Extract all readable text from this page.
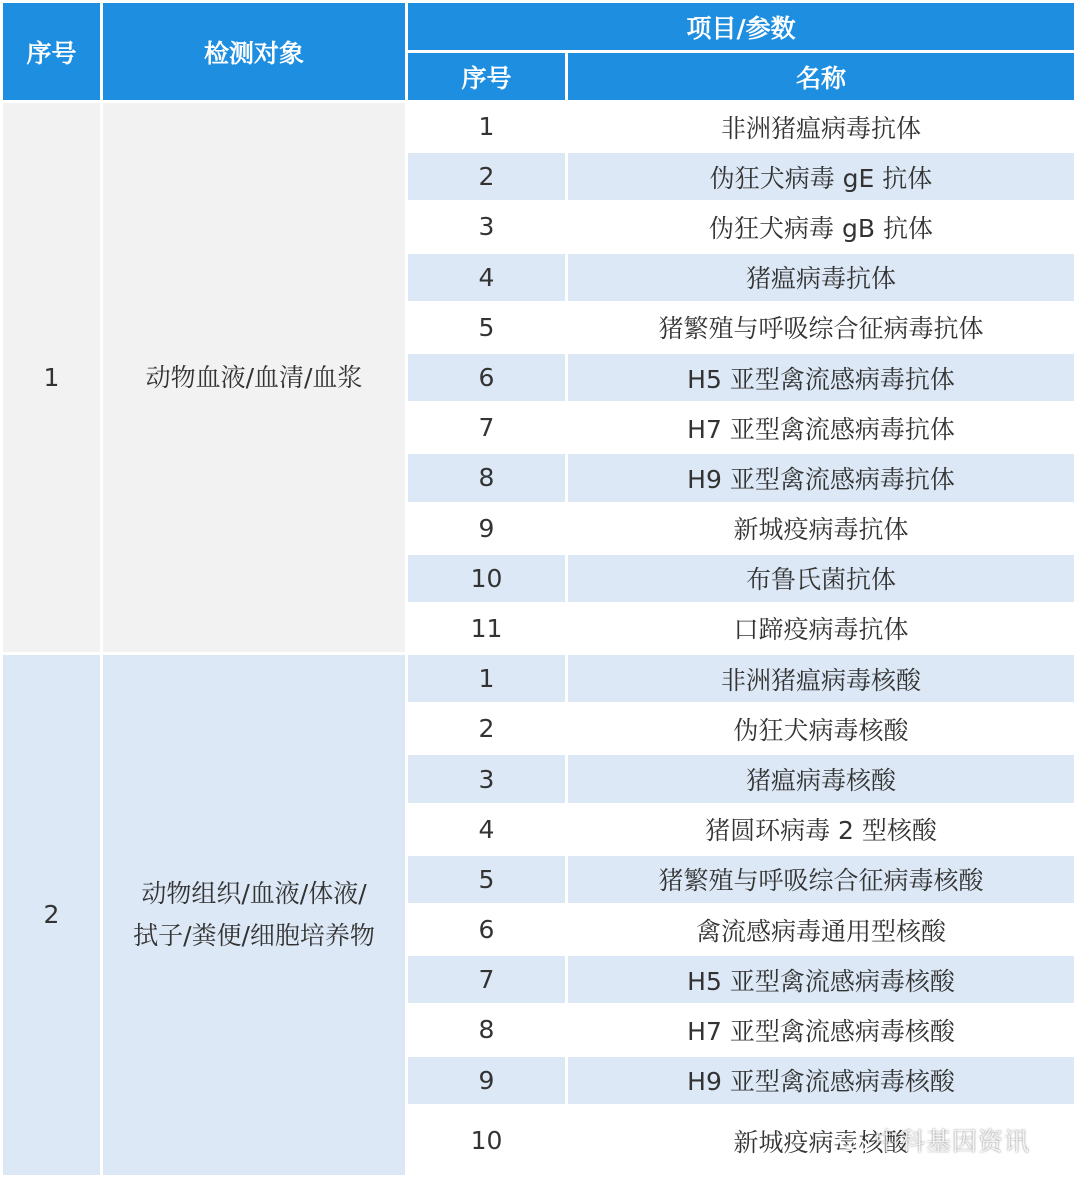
序号	检测对象	项目/参数	
		序号	名称
1	动物血液/血清/血浆	1	非洲猪瘟病毒抗体
		2	伪狂犬病毒 gE 抗体
		3	伪狂犬病毒 gB 抗体
		4	猪瘟病毒抗体
		5	猪繁殖与呼吸综合征病毒抗体
		6	H5 亚型禽流感病毒抗体
		7	H7 亚型禽流感病毒抗体
		8	H9 亚型禽流感病毒抗体
		9	新城疫病毒抗体
		10	布鲁氏菌抗体
		11	口蹄疫病毒抗体
2	动物组织/血液/体液/
拭子/粪便/细胞培养物	1	非洲猪瘟病毒核酸
		2	伪狂犬病毒核酸
		3	猪瘟病毒核酸
		4	猪圆环病毒 2 型核酸
		5	猪繁殖与呼吸综合征病毒核酸
		6	禽流感病毒通用型核酸
		7	H5 亚型禽流感病毒核酸
		8	H7 亚型禽流感病毒核酸
		9	H9 亚型禽流感病毒核酸
		10	新城疫病毒核酸
中科基因资讯
